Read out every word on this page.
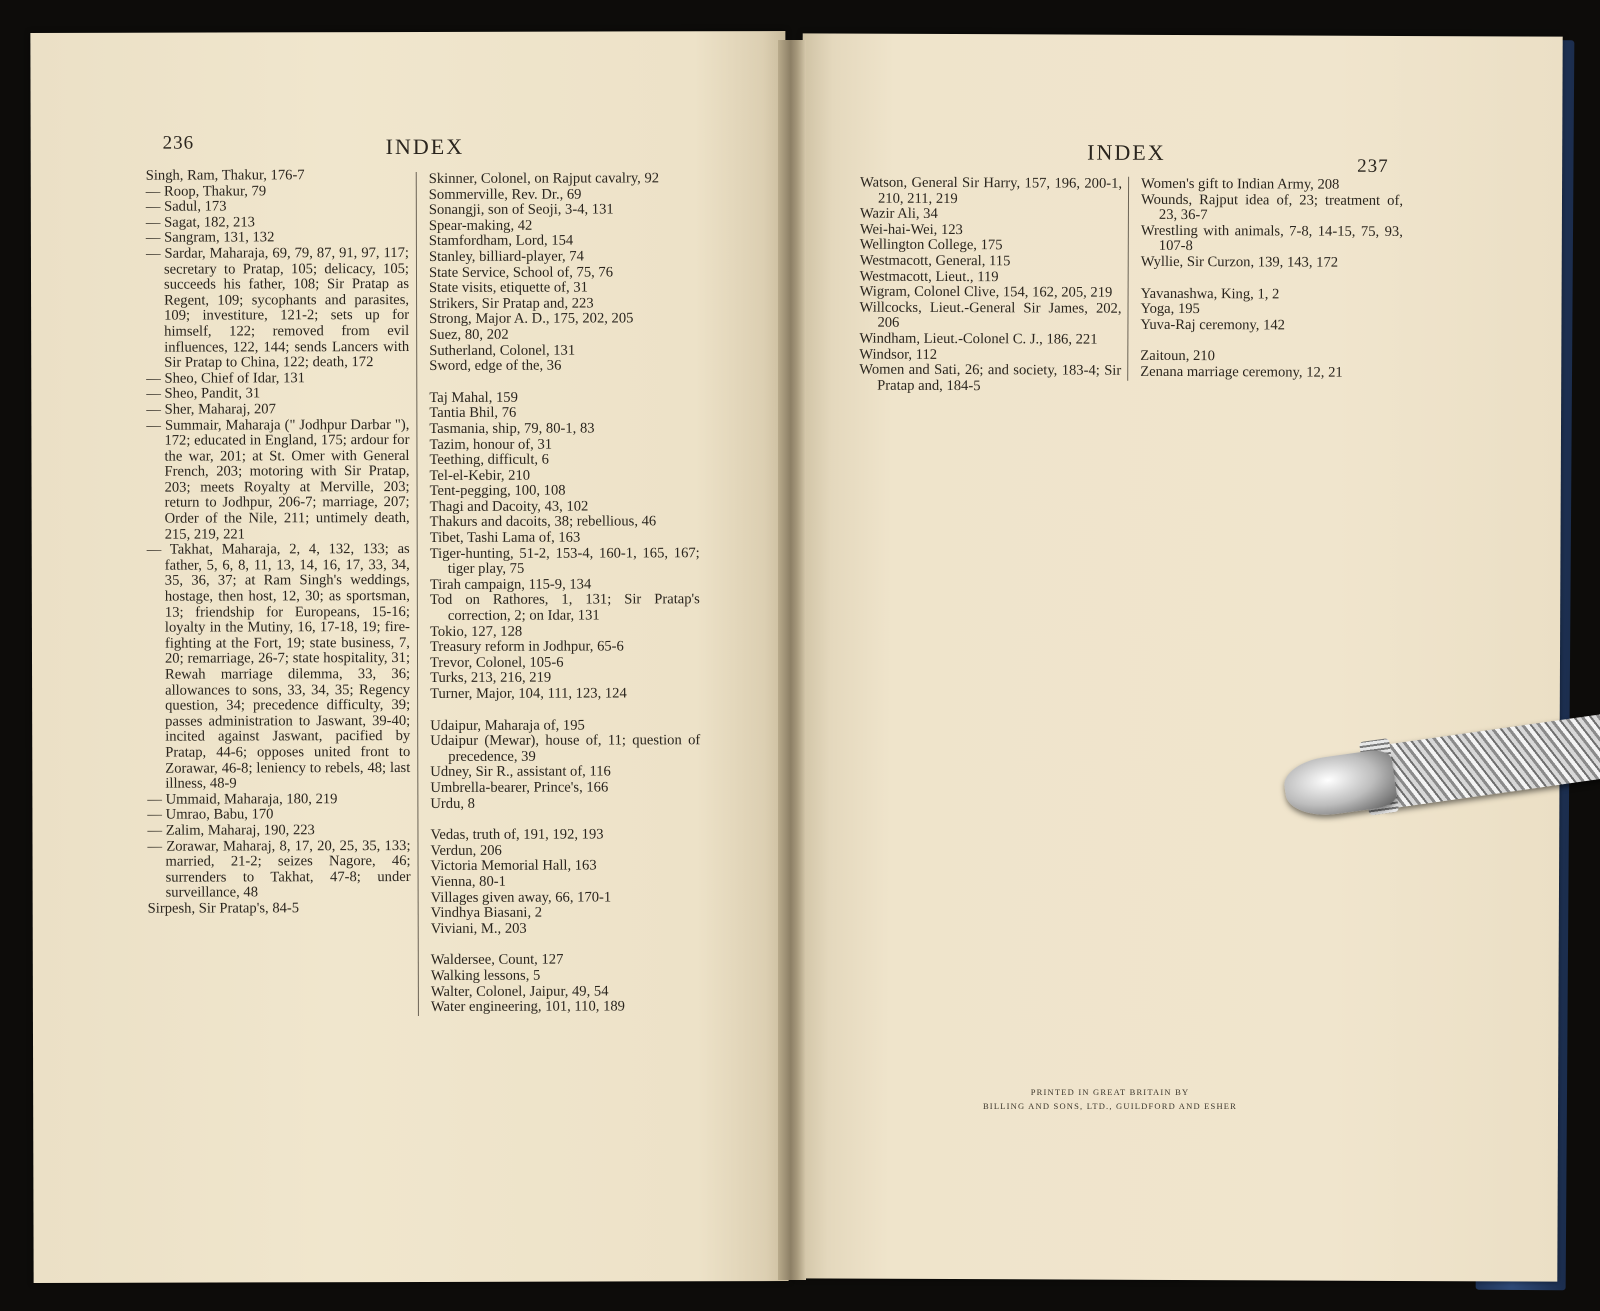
236	INDEX

Singh, Ram, Thakur, 176-7

— Roop, Thakur, 79

— Sadul, 173

— Sagat, 182, 213

— Sangram, 131, 132

— Sardar, Maharaja, 69, 79, 87, 91, 97, 117; secretary to Pratap, 105; delicacy, 105; succeeds his father, 108; Sir Pratap as Regent, 109; sycophants and parasites, 109; investiture, 121-2; sets up for himself, 122; removed from evil influences, 122, 144; sends Lancers with Sir Pratap to China, 122; death, 172

— Sheo, Chief of Idar, 131

— Sheo, Pandit, 31

— Sher, Maharaj, 207

— Summair, Maharaja (" Jodhpur Darbar "), 172; educated in England, 175; ardour for the war, 201; at St. Omer with General French, 203; motoring with Sir Pratap, 203; meets Royalty at Merville, 203; return to Jodhpur, 206-7; marriage, 207; Order of the Nile, 211; untimely death, 215, 219, 221

— Takhat, Maharaja, 2, 4, 132, 133; as father, 5, 6, 8, 11, 13, 14, 16, 17, 33, 34, 35, 36, 37; at Ram Singh's weddings, hostage, then host, 12, 30; as sportsman, 13; friendship for Europeans, 15-16; loyalty in the Mutiny, 16, 17-18, 19; fire-fighting at the Fort, 19; state business, 7, 20; remarriage, 26-7; state hospitality, 31; Rewah marriage dilemma, 33, 36; allowances to sons, 33, 34, 35; Regency question, 34; precedence difficulty, 39; passes administration to Jaswant, 39-40; incited against Jaswant, pacified by Pratap, 44-6; opposes united front to Zorawar, 46-8; leniency to rebels, 48; last illness, 48-9

— Ummaid, Maharaja, 180, 219

— Umrao, Babu, 170

— Zalim, Maharaj, 190, 223

— Zorawar, Maharaj, 8, 17, 20, 25, 35, 133; married, 21-2; seizes Nagore, 46; surrenders to Takhat, 47-8; under surveillance, 48

Sirpesh, Sir Pratap's, 84-5

Skinner, Colonel, on Rajput cavalry, 92

Sommerville, Rev. Dr., 69

Sonangji, son of Seoji, 3-4, 131

Spear-making, 42

Stamfordham, Lord, 154

Stanley, billiard-player, 74

State Service, School of, 75, 76

State visits, etiquette of, 31

Strikers, Sir Pratap and, 223

Strong, Major A. D., 175, 202, 205

Suez, 80, 202

Sutherland, Colonel, 131

Sword, edge of the, 36

Taj Mahal, 159

Tantia Bhil, 76

Tasmania, ship, 79, 80-1, 83

Tazim, honour of, 31

Teething, difficult, 6

Tel-el-Kebir, 210

Tent-pegging, 100, 108

Thagi and Dacoity, 43, 102

Thakurs and dacoits, 38; rebellious, 46

Tibet, Tashi Lama of, 163

Tiger-hunting, 51-2, 153-4, 160-1, 165, 167; tiger play, 75

Tirah campaign, 115-9, 134

Tod on Rathores, 1, 131; Sir Pratap's correction, 2; on Idar, 131

Tokio, 127, 128

Treasury reform in Jodhpur, 65-6

Trevor, Colonel, 105-6

Turks, 213, 216, 219

Turner, Major, 104, 111, 123, 124

Udaipur, Maharaja of, 195

Udaipur (Mewar), house of, 11; question of precedence, 39

Udney, Sir R., assistant of, 116

Umbrella-bearer, Prince's, 166

Urdu, 8

Vedas, truth of, 191, 192, 193

Verdun, 206

Victoria Memorial Hall, 163

Vienna, 80-1

Villages given away, 66, 170-1

Vindhya Biasani, 2

Viviani, M., 203

Waldersee, Count, 127

Walking lessons, 5

Walter, Colonel, Jaipur, 49, 54

Water engineering, 101, 110, 189

INDEX
237

Watson, General Sir Harry, 157, 196, 200-1, 210, 211, 219

Wazir Ali, 34

Wei-hai-Wei, 123

Wellington College, 175

Westmacott, General, 115

Westmacott, Lieut., 119

Wigram, Colonel Clive, 154, 162, 205, 219

Willcocks, Lieut.-General Sir James, 202, 206

Windham, Lieut.-Colonel C. J., 186, 221

Windsor, 112

Women and Sati, 26; and society, 183-4; Sir Pratap and, 184-5

Women's gift to Indian Army, 208

Wounds, Rajput idea of, 23; treatment of, 23, 36-7

Wrestling with animals, 7-8, 14-15, 75, 93, 107-8

Wyllie, Sir Curzon, 139, 143, 172

Yavanashwa, King, 1, 2

Yoga, 195

Yuva-Raj ceremony, 142

Zaitoun, 210

Zenana marriage ceremony, 12, 21

PRINTED IN GREAT BRITAIN BY
BILLING AND SONS, LTD., GUILDFORD AND ESHER
